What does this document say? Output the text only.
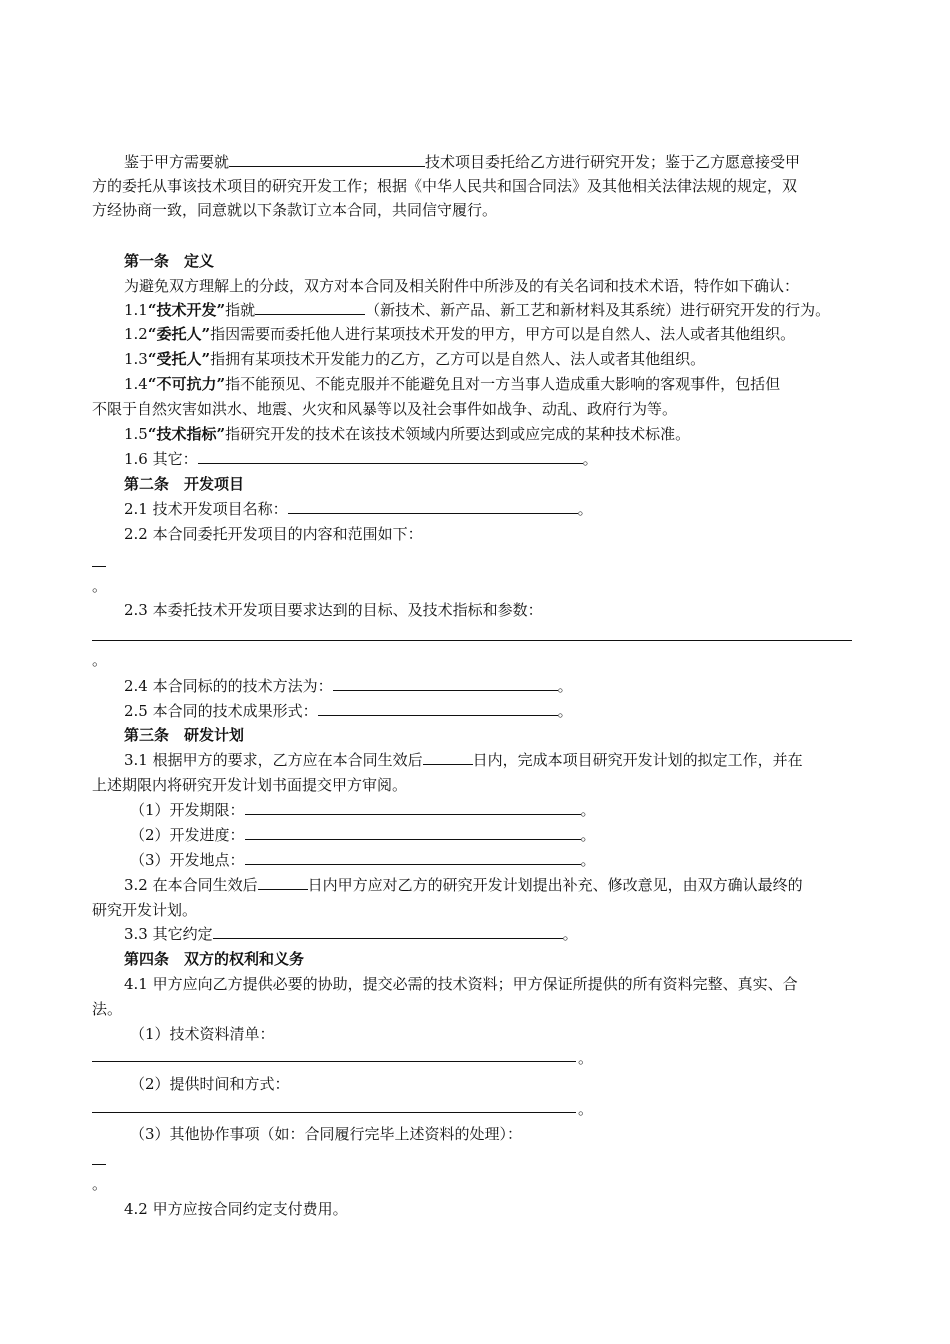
鉴于甲方需要就	技术项目委托给乙方进行研究开发；鉴于乙方愿意接受甲
方的委托从事该技术项目的研究开发工作；根据《中华人民共和国合同法》及其他相关法律法规的规定，双
方经协商一致，同意就以下条款订立本合同，共同信守履行。
第一条　定义
为避免双方理解上的分歧，双方对本合同及相关附件中所涉及的有关名词和技术术语，特作如下确认：
1.1“技术开发”指就	（新技术、新产品、新工艺和新材料及其系统）进行研究开发的行为。
1.2“委托人”指因需要而委托他人进行某项技术开发的甲方，甲方可以是自然人、法人或者其他组织。
1.3“受托人”指拥有某项技术开发能力的乙方，乙方可以是自然人、法人或者其他组织。
1.4“不可抗力”指不能预见、不能克服并不能避免且对一方当事人造成重大影响的客观事件，包括但
不限于自然灾害如洪水、地震、火灾和风暴等以及社会事件如战争、动乱、政府行为等。
1.5“技术指标”指研究开发的技术在该技术领域内所要达到或应完成的某种技术标准。
1.6 其它：	。
第二条　开发项目
2.1 技术开发项目名称：	。
2.2 本合同委托开发项目的内容和范围如下：
。
2.3 本委托技术开发项目要求达到的目标、及技术指标和参数：
。
2.4 本合同标的的技术方法为：	。
2.5 本合同的技术成果形式：	。
第三条　研发计划
3.1 根据甲方的要求，乙方应在本合同生效后	日内，完成本项目研究开发计划的拟定工作，并在
上述期限内将研究开发计划书面提交甲方审阅。
（1）开发期限：	。
（2）开发进度：	。
（3）开发地点：	。
3.2 在本合同生效后	日内甲方应对乙方的研究开发计划提出补充、修改意见，由双方确认最终的
研究开发计划。
3.3 其它约定	。
第四条　双方的权利和义务
4.1 甲方应向乙方提供必要的协助，提交必需的技术资料；甲方保证所提供的所有资料完整、真实、合
法。
（1）技术资料清单：
。
（2）提供时间和方式：
。
（3）其他协作事项（如：合同履行完毕上述资料的处理）：
。
4.2 甲方应按合同约定支付费用。
